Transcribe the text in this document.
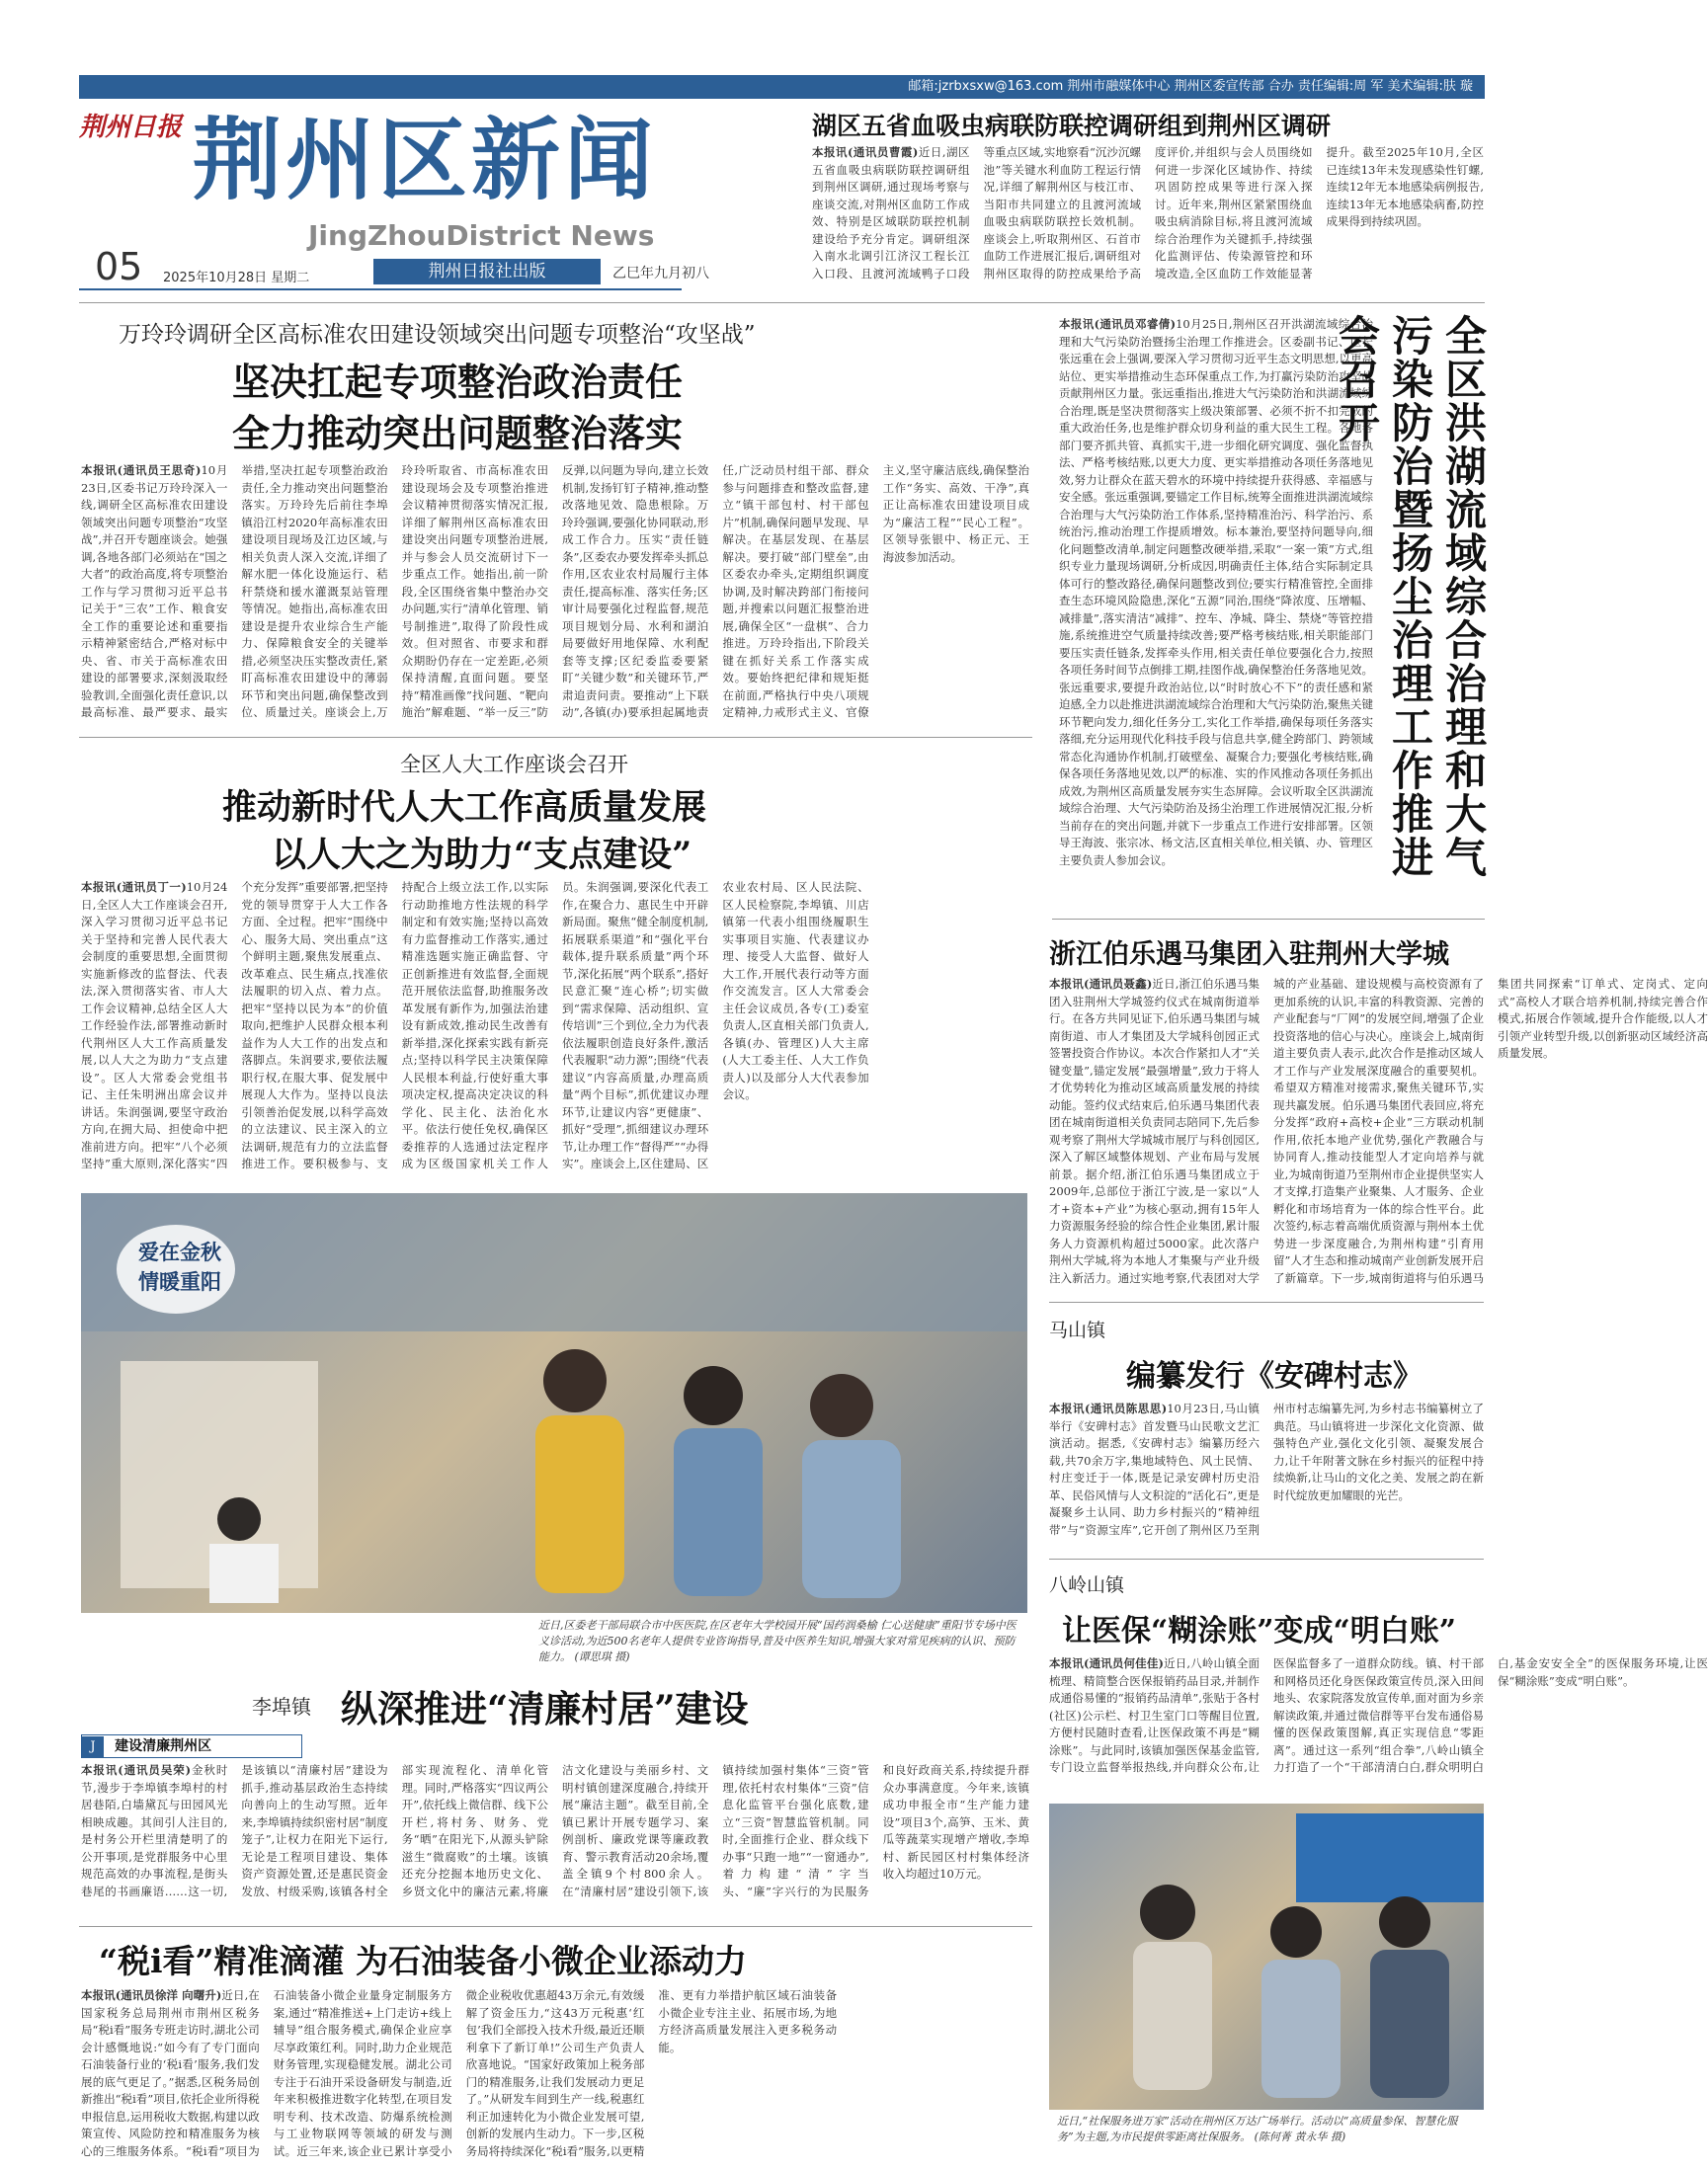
邮箱:jzrbxsxw@163.com 荆州市融媒体中心 荆州区委宣传部 合办 责任编辑:周 军 美术编辑:肤 璇
荆州日报 荆州区新闻
JingZhouDistrict News
05 2025年10月28日 星期二	荆州日报社出版	乙巳年九月初八
湖区五省血吸虫病联防联控调研组到荆州区调研
本报讯(通讯员曹霞)近日,湖区五省血吸虫病联防联控调研组到荆州区调研,通过现场考察与座谈交流,对荆州区血防工作成效、特别是区域联防联控机制建设给予充分肯定。调研组深入南水北调引江济汉工程长江入口段、且渡河流域鸭子口段等重点区域,实地察看“沉沙沉螺池”等关键水利血防工程运行情况,详细了解荆州区与枝江市、当阳市共同建立的且渡河流域血吸虫病联防联控长效机制。座谈会上,听取荆州区、石首市血防工作进展汇报后,调研组对荆州区取得的防控成果给予高度评价,并组织与会人员围绕如何进一步深化区域协作、持续巩固防控成果等进行深入探讨。近年来,荆州区紧紧围绕血吸虫病消除目标,将且渡河流域综合治理作为关键抓手,持续强化监测评估、传染源管控和环境改造,全区血防工作效能显著提升。截至2025年10月,全区已连续13年未发现感染性钉螺,连续12年无本地感染病例报告,连续13年无本地感染病畜,防控成果得到持续巩固。
万玲玲调研全区高标准农田建设领域突出问题专项整治“攻坚战”
坚决扛起专项整治政治责任
全力推动突出问题整治落实
本报讯(通讯员王思奇)10月23日,区委书记万玲玲深入一线,调研全区高标准农田建设领域突出问题专项整治“攻坚战”,并召开专题座谈会。她强调,各地各部门必须站在“国之大者”的政治高度,将专项整治工作与学习贯彻习近平总书记关于“三农”工作、粮食安全工作的重要论述和重要指示精神紧密结合,严格对标中央、省、市关于高标准农田建设的部署要求,深刻汲取经验教训,全面强化责任意识,以最高标准、最严要求、最实举措,坚决扛起专项整治政治责任,全力推动突出问题整治落实。万玲玲先后前往李埠镇沿江村2020年高标准农田建设项目现场及江边区域,与相关负责人深入交流,详细了解水肥一体化设施运行、秸秆禁烧和援水灌溉泵站管理等情况。她指出,高标准农田建设是提升农业综合生产能力、保障粮食安全的关键举措,必须坚决压实整改责任,紧盯高标准农田建设中的薄弱环节和突出问题,确保整改到位、质量过关。座谈会上,万玲玲听取省、市高标准农田建设现场会及专项整治推进会议精神贯彻落实情况汇报,详细了解荆州区高标准农田建设突出问题专项整治进展,并与参会人员交流研讨下一步重点工作。她指出,前一阶段,全区围绕省集中整治办交办问题,实行“清单化管理、销号制推进”,取得了阶段性成效。但对照省、市要求和群众期盼仍存在一定差距,必须保持清醒,直面问题。要坚持“精准画像”找问题、“靶向施治”解难题、“举一反三”防反弹,以问题为导向,建立长效机制,发扬钉钉子精神,推动整改落地见效、隐患根除。万玲玲强调,要强化协同联动,形成工作合力。压实“责任链条”,区委农办要发挥牵头抓总作用,区农业农村局履行主体责任,提高标准、落实任务;区审计局要强化过程监督,规范项目规划分局、水利和湖泊局要做好用地保障、水利配套等支撑;区纪委监委要紧盯“关键少数”和关键环节,严肃追责问责。要推动“上下联动”,各镇(办)要承担起属地责任,广泛动员村组干部、群众参与问题排查和整改监督,建立“镇干部包村、村干部包片”机制,确保问题早发现、早解决。在基层发现、在基层解决。要打破“部门壁垒”,由区委农办牵头,定期组织调度协调,及时解决跨部门衔接问题,并搜索以问题汇报整治进展,确保全区“一盘棋”、合力推进。万玲玲指出,下阶段关键在抓好关系工作落实成效。要始终把纪律和规矩挺在前面,严格执行中央八项规定精神,力戒形式主义、官僚主义,坚守廉洁底线,确保整治工作“务实、高效、干净”,真正让高标准农田建设项目成为“廉洁工程”“民心工程”。区领导张银中、杨正元、王海波参加活动。
全区人大工作座谈会召开
推动新时代人大工作高质量发展
以人大之为助力“支点建设”
本报讯(通讯员丁一)10月24日,全区人大工作座谈会召开,深入学习贯彻习近平总书记关于坚持和完善人民代表大会制度的重要思想,全面贯彻实施新修改的监督法、代表法,深入贯彻落实省、市人大工作会议精神,总结全区人大工作经验作法,部署推动新时代荆州区人大工作高质量发展,以人大之为助力“支点建设”。区人大常委会党组书记、主任朱明洲出席会议并讲话。朱润强调,要坚守政治方向,在拥大局、担使命中把准前进方向。把牢“八个必须坚持”重大原则,深化落实“四个充分发挥”重要部署,把坚持党的领导贯穿于人大工作各方面、全过程。把牢“围绕中心、服务大局、突出重点”这个鲜明主题,聚焦发展重点、改革难点、民生痛点,找准依法履职的切入点、着力点。把牢“坚持以民为本”的价值取向,把维护人民群众根本利益作为人大工作的出发点和落脚点。朱润要求,要依法履职行权,在服大事、促发展中展现人大作为。坚持以良法引领善治促发展,以科学高效的立法建议、民主深入的立法调研,规范有力的立法监督推进工作。要积极参与、支持配合上级立法工作,以实际行动助推地方性法规的科学制定和有效实施;坚持以高效有力监督推动工作落实,通过精准选题实施正确监督、守正创新推进有效监督,全面规范开展依法监督,助推服务改革发展有新作为,加强法治建设有新成效,推动民生改善有新举措,深化探索实践有新亮点;坚持以科学民主决策保障人民根本利益,行使好重大事项决定权,提高决定决议的科学化、民主化、法治化水平。依法行使任免权,确保区委推荐的人选通过法定程序成为区级国家机关工作人员。朱润强调,要深化代表工作,在聚合力、惠民生中开辟新局面。聚焦“健全制度机制,拓展联系渠道”和“强化平台载体,提升联系质量”两个环节,深化拓展“两个联系”,搭好民意汇聚“连心桥”;切实做到“需求保障、活动组织、宣传培训”三个到位,全力为代表依法履职创造良好条件,激活代表履职“动力源”;围绕“代表建议”内容高质量,办理高质量“两个目标”,抓优建议办理环节,让建议内容“更健康”、抓好“受理”,抓细建议办理环节,让办理工作“督得严”“办得实”。座谈会上,区住建局、区农业农村局、区人民法院、区人民检察院,李埠镇、川店镇第一代表小组围绕履职生实事项目实施、代表建议办理、接受人大监督、做好人大工作,开展代表行动等方面作交流发言。区人大常委会主任会议成员,各专(工)委室负责人,区直相关部门负责人,各镇(办、管理区)人大主席(人大工委主任、人大工作负责人)以及部分人大代表参加会议。
本报讯(通讯员邓睿倩)10月25日,荆州区召开洪湖流域综合治理和大气污染防治暨扬尘治理工作推进会。区委副书记、区长张远重在会上强调,要深入学习贯彻习近平生态文明思想,以更高站位、更实举措推动生态环保重点工作,为打赢污染防治攻坚战贡献荆州区力量。张远重指出,推进大气污染防治和洪湖流域综合治理,既是坚决贯彻落实上级决策部署、必须不折不扣完成的重大政治任务,也是维护群众切身利益的重大民生工程。各地各部门要齐抓共管、真抓实干,进一步细化研究调度、强化监督执法、严格考核结账,以更大力度、更实举措推动各项任务落地见效,努力让群众在蓝天碧水的环境中持续提升获得感、幸福感与安全感。张远重强调,要锚定工作目标,统筹全面推进洪湖流域综合治理与大气污染防治工作体系,坚持精准治污、科学治污、系统治污,推动治理工作提质增效。标本兼治,要坚持问题导向,细化问题整改清单,制定问题整改硬举措,采取“一案一策”方式,组织专业力量现场调研,分析成因,明确责任主体,结合实际制定具体可行的整改路径,确保问题整改到位;要实行精准管控,全面排查生态环境风险隐患,深化“五源”同治,围绕“降浓度、压增幅、减排量”,落实清洁“减排”、控车、净城、降尘、禁烧“等管控措施,系统推进空气质量持续改善;要严格考核结账,相关职能部门要压实责任链条,发挥牵头作用,相关责任单位要强化合力,按照各项任务时间节点倒排工期,挂图作战,确保整治任务落地见效。张远重要求,要提升政治站位,以“时时放心不下”的责任感和紧迫感,全力以赴推进洪湖流域综合治理和大气污染防治,聚焦关键环节靶向发力,细化任务分工,实化工作举措,确保每项任务落实落细,充分运用现代化科技手段与信息共享,健全跨部门、跨领域常态化沟通协作机制,打破壁垒、凝聚合力;要强化考核结账,确保各项任务落地见效,以严的标准、实的作风推动各项任务抓出成效,为荆州区高质量发展夯实生态屏障。会议听取全区洪湖流域综合治理、大气污染防治及扬尘治理工作进展情况汇报,分析当前存在的突出问题,并就下一步重点工作进行安排部署。区领导王海波、张宗冰、杨文洁,区直相关单位,相关镇、办、管理区主要负责人参加会议。	全区洪湖流域综合治理和大气污染防治暨扬尘治理工作推进会召开
浙江伯乐遇马集团入驻荆州大学城
本报讯(通讯员聂鑫)近日,浙江伯乐遇马集团入驻荆州大学城签约仪式在城南街道举行。在各方共同见证下,伯乐遇马集团与城南街道、市人才集团及大学城科创园正式签署投资合作协议。本次合作紧扣人才“关键变量”,锚定发展“最强增量”,致力于将人才优势转化为推动区域高质量发展的持续动能。签约仪式结束后,伯乐遇马集团代表团在城南街道相关负责同志陪同下,先后参观考察了荆州大学城城市展厅与科创园区,深入了解区域整体规划、产业布局与发展前景。据介绍,浙江伯乐遇马集团成立于2009年,总部位于浙江宁波,是一家以“人才+资本+产业”为核心驱动,拥有15年人力资源服务经验的综合性企业集团,累计服务人力资源机构超过5000家。此次落户荆州大学城,将为本地人才集聚与产业升级注入新活力。通过实地考察,代表团对大学城的产业基础、建设规模与高校资源有了更加系统的认识,丰富的科教资源、完善的产业配套与“厂网”的发展空间,增强了企业投资落地的信心与决心。座谈会上,城南街道主要负责人表示,此次合作是推动区域人才工作与产业发展深度融合的重要契机。希望双方精准对接需求,聚焦关键环节,实现共赢发展。伯乐遇马集团代表回应,将充分发挥“政府+高校+企业”三方联动机制作用,依托本地产业优势,强化产教融合与协同育人,推动技能型人才定向培养与就业,为城南街道乃至荆州市企业提供坚实人才支撑,打造集产业聚集、人才服务、企业孵化和市场培育为一体的综合性平台。此次签约,标志着高端优质资源与荆州本土优势进一步深度融合,为荆州构建“引育用留”人才生态和推动城南产业创新发展开启了新篇章。下一步,城南街道将与伯乐遇马集团共同探索“订单式、定岗式、定向式”高校人才联合培养机制,持续完善合作模式,拓展合作领域,提升合作能级,以人才引领产业转型升级,以创新驱动区域经济高质量发展。
马山镇
编纂发行《安碑村志》
本报讯(通讯员陈思思)10月23日,马山镇举行《安碑村志》首发暨马山民歌文艺汇演活动。据悉,《安碑村志》编纂历经六载,共70余万字,集地域特色、风土民情、村庄变迁于一体,既是记录安碑村历史沿革、民俗风情与人文积淀的“活化石”,更是凝聚乡土认同、助力乡村振兴的“精神纽带”与“资源宝库”,它开创了荆州区乃至荆州市村志编纂先河,为乡村志书编纂树立了典范。马山镇将进一步深化文化资源、做强特色产业,强化文化引领、凝聚发展合力,让千年附著文脉在乡村振兴的征程中持续焕新,让马山的文化之美、发展之韵在新时代绽放更加耀眼的光芒。
八岭山镇
让医保“糊涂账”变成“明白账”
本报讯(通讯员何佳佳)近日,八岭山镇全面梳理、精简整合医保报销药品目录,并制作成通俗易懂的“报销药品清单”,张贴于各村(社区)公示栏、村卫生室门口等醒目位置,方便村民随时查看,让医保政策不再是“糊涂账”。与此同时,该镇加强医保基金监管,专门设立监督举报热线,并向群众公布,让医保监督多了一道群众防线。镇、村干部和网格员还化身医保政策宣传员,深入田间地头、农家院落发放宣传单,面对面为乡亲解读政策,并通过微信群等平台发布通俗易懂的医保政策图解,真正实现信息“零距离”。通过这一系列“组合拳”,八岭山镇全力打造了一个“干部清清白白,群众明明白白,基金安安全全”的医保服务环境,让医保“糊涂账”变成“明白账”。
爱在金秋
情暖重阳
近日,区委老干部局联合市中医医院,在区老年大学校园开展“国药润桑榆 仁心送健康”重阳节专场中医义诊活动,为近500名老年人提供专业咨询指导,普及中医养生知识,增强大家对常见疾病的认识、预防能力。 (谭思琪 摄)
李埠镇 纵深推进“清廉村居”建设
J 建设清廉荆州区
本报讯(通讯员吴荣)金秋时节,漫步于李埠镇李埠村的村居巷陌,白墙黛瓦与田园风光相映成趣。其间引人注目的,是村务公开栏里清楚明了的公开事项,是党群服务中心里规范高效的办事流程,是街头巷尾的书画廉语……这一切,是该镇以“清廉村居”建设为抓手,推动基层政治生态持续向善向上的生动写照。近年来,李埠镇持续织密村居“制度笼子”,让权力在阳光下运行,无论是工程项目建设、集体资产资源处置,还是惠民资金发放、村级采购,该镇各村全部实现流程化、清单化管理。同时,严格落实“四议两公开”,依托线上微信群、线下公开栏,将村务、财务、党务“晒”在阳光下,从源头铲除滋生“微腐败”的土壤。该镇还充分挖掘本地历史文化、乡贤文化中的廉洁元素,将廉洁文化建设与美丽乡村、文明村镇创建深度融合,持续开展“廉洁主题”。截至目前,全镇已累计开展专题学习、案例剖析、廉政党课等廉政教育、警示教育活动20余场,覆盖全镇9个村800余人。在“清廉村居”建设引领下,该镇持续加强村集体“三资”管理,依托村农村集体“三资”信息化监管平台强化底数,建立“三资”智慧监管机制。同时,全面推行企业、群众线下办事“只跑一地”“一窗通办”,着力构建“清”字当头、“廉”字兴行的为民服务和良好政商关系,持续提升群众办事满意度。今年来,该镇成功申报全市“生产能力建设”项目3个,高笋、玉米、黄瓜等蔬菜实现增产增收,李埠村、新民园区村村集体经济收入均超过10万元。
“税i看”精准滴灌 为石油装备小微企业添动力
本报讯(通讯员徐洋 向曙升)近日,在国家税务总局荆州市荆州区税务局“税i看”服务专班走访时,湖北公司会计感慨地说:“如今有了专门面向石油装备行业的‘税i看’服务,我们发展的底气更足了。”据悉,区税务局创新推出“税i看”项目,依托企业所得税申报信息,运用税收大数据,构建以政策宣传、风险防控和精准服务为核心的三维服务体系。“税i看”项目为石油装备小微企业量身定制服务方案,通过“精准推送+上门走访+线上辅导”组合服务模式,确保企业应享尽享政策红利。同时,助力企业规范财务管理,实现稳健发展。湖北公司专注于石油开采设备研发与制造,近年来积极推进数字化转型,在项目发明专利、技术改造、防爆系统检测与工业物联网等领域的研发与测试。近三年来,该企业已累计享受小微企业税收优惠超43万余元,有效缓解了资金压力,“这43万元税惠‘红包’我们全部投入技术升级,最近还顺利拿下了新订单!”公司生产负责人欣喜地说。“国家好政策加上税务部门的精准服务,让我们发展动力更足了。”从研发车间到生产一线,税惠红利正加速转化为小微企业发展可望,创新的发展内生动力。下一步,区税务局将持续深化“税i看”服务,以更精准、更有力举措护航区域石油装备小微企业专注主业、拓展市场,为地方经济高质量发展注入更多税务动能。
近日,“社保服务进万家”活动在荆州区万达广场举行。活动以“高质量参保、智慧化服务”为主题,为市民提供零距离社保服务。 (陈何菁 黄永华 摄)
